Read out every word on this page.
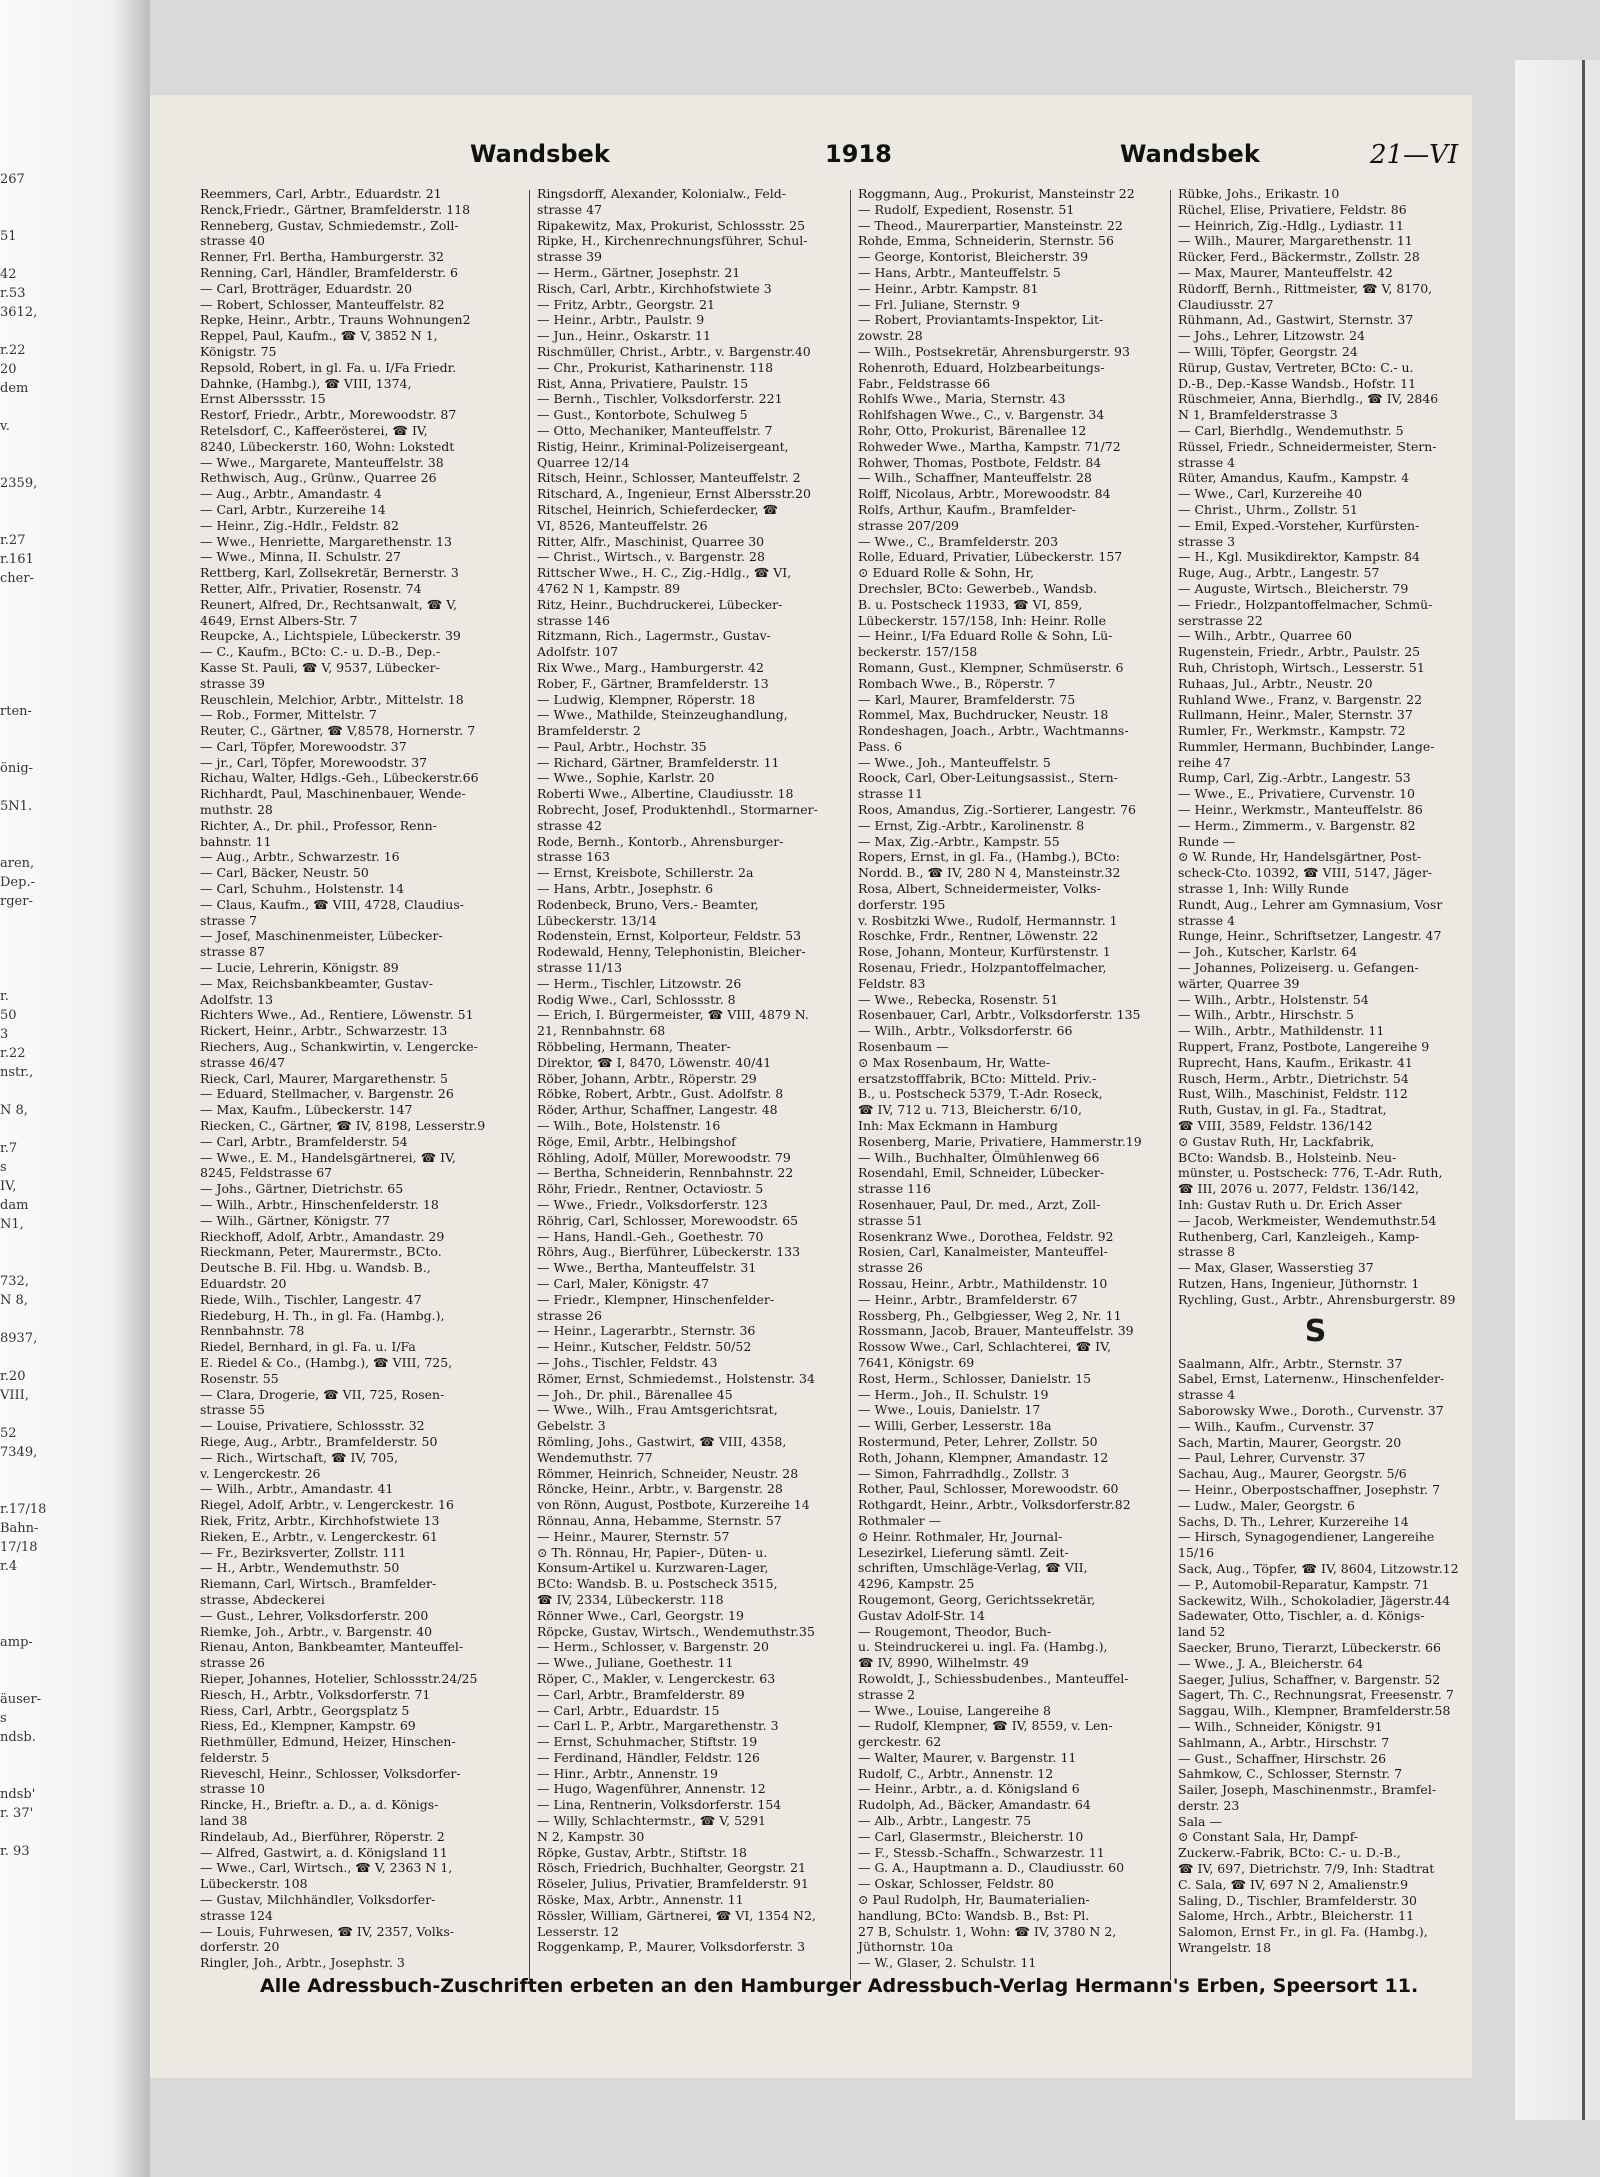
267
51
42
r.53
3612,
r.22
20
dem
v.
2359,
r.27
r.161
cher-
rten-
önig-
5N1.
aren,
Dep.-
rger-
r.
50
3
r.22
nstr.,
N 8,
r.7
s
IV,
dam
N1,
732,
N 8,
8937,
r.20
VIII,
52
7349,
r.17/18
Bahn-
17/18
r.4
amp-
äuser-
s
ndsb.
ndsb'
r. 37'
r. 93
Wandsbek	1918	Wandsbek	21—VI
Reemmers, Carl, Arbtr., Eduardstr. 21
Renck,Friedr., Gärtner, Bramfelderstr. 118
Renneberg, Gustav, Schmiedemstr., Zoll-
strasse 40
Renner, Frl. Bertha, Hamburgerstr. 32
Renning, Carl, Händler, Bramfelderstr. 6
— Carl, Brotträger, Eduardstr. 20
— Robert, Schlosser, Manteuffelstr. 82
Repke, Heinr., Arbtr., Trauns Wohnungen2
Reppel, Paul, Kaufm., ☎ V, 3852 N 1,
Königstr. 75
Repsold, Robert, in gl. Fa. u. I/Fa Friedr.
Dahnke, (Hambg.), ☎ VIII, 1374,
Ernst Alberssstr. 15
Restorf, Friedr., Arbtr., Morewoodstr. 87
Retelsdorf, C., Kaffeerösterei, ☎ IV,
8240, Lübeckerstr. 160, Wohn: Lokstedt
— Wwe., Margarete, Manteuffelstr. 38
Rethwisch, Aug., Grünw., Quarree 26
— Aug., Arbtr., Amandastr. 4
— Carl, Arbtr., Kurzereihe 14
— Heinr., Zig.-Hdlr., Feldstr. 82
— Wwe., Henriette, Margarethenstr. 13
— Wwe., Minna, II. Schulstr. 27
Rettberg, Karl, Zollsekretär, Bernerstr. 3
Retter, Alfr., Privatier, Rosenstr. 74
Reunert, Alfred, Dr., Rechtsanwalt, ☎ V,
4649, Ernst Albers-Str. 7
Reupcke, A., Lichtspiele, Lübeckerstr. 39
— C., Kaufm., BCto: C.- u. D.-B., Dep.-
Kasse St. Pauli, ☎ V, 9537, Lübecker-
strasse 39
Reuschlein, Melchior, Arbtr., Mittelstr. 18
— Rob., Former, Mittelstr. 7
Reuter, C., Gärtner, ☎ V,8578, Hornerstr. 7
— Carl, Töpfer, Morewoodstr. 37
— jr., Carl, Töpfer, Morewoodstr. 37
Richau, Walter, Hdlgs.-Geh., Lübeckerstr.66
Richhardt, Paul, Maschinenbauer, Wende-
muthstr. 28
Richter, A., Dr. phil., Professor, Renn-
bahnstr. 11
— Aug., Arbtr., Schwarzestr. 16
— Carl, Bäcker, Neustr. 50
— Carl, Schuhm., Holstenstr. 14
— Claus, Kaufm., ☎ VIII, 4728, Claudius-
strasse 7
— Josef, Maschinenmeister, Lübecker-
strasse 87
— Lucie, Lehrerin, Königstr. 89
— Max, Reichsbankbeamter, Gustav-
Adolfstr. 13
Richters Wwe., Ad., Rentiere, Löwenstr. 51
Rickert, Heinr., Arbtr., Schwarzestr. 13
Riechers, Aug., Schankwirtin, v. Lengercke-
strasse 46/47
Rieck, Carl, Maurer, Margarethenstr. 5
— Eduard, Stellmacher, v. Bargenstr. 26
— Max, Kaufm., Lübeckerstr. 147
Riecken, C., Gärtner, ☎ IV, 8198, Lesserstr.9
— Carl, Arbtr., Bramfelderstr. 54
— Wwe., E. M., Handelsgärtnerei, ☎ IV,
8245, Feldstrasse 67
— Johs., Gärtner, Dietrichstr. 65
— Wilh., Arbtr., Hinschenfelderstr. 18
— Wilh., Gärtner, Königstr. 77
Rieckhoff, Adolf, Arbtr., Amandastr. 29
Rieckmann, Peter, Maurermstr., BCto.
Deutsche B. Fil. Hbg. u. Wandsb. B.,
Eduardstr. 20
Riede, Wilh., Tischler, Langestr. 47
Riedeburg, H. Th., in gl. Fa. (Hambg.),
Rennbahnstr. 78
Riedel, Bernhard, in gl. Fa. u. I/Fa
E. Riedel & Co., (Hambg.), ☎ VIII, 725,
Rosenstr. 55
— Clara, Drogerie, ☎ VII, 725, Rosen-
strasse 55
— Louise, Privatiere, Schlossstr. 32
Riege, Aug., Arbtr., Bramfelderstr. 50
— Rich., Wirtschaft, ☎ IV, 705,
v. Lengerckestr. 26
— Wilh., Arbtr., Amandastr. 41
Riegel, Adolf, Arbtr., v. Lengerckestr. 16
Riek, Fritz, Arbtr., Kirchhofstwiete 13
Rieken, E., Arbtr., v. Lengerckestr. 61
— Fr., Bezirksverter, Zollstr. 111
— H., Arbtr., Wendemuthstr. 50
Riemann, Carl, Wirtsch., Bramfelder-
strasse, Abdeckerei
— Gust., Lehrer, Volksdorferstr. 200
Riemke, Joh., Arbtr., v. Bargenstr. 40
Rienau, Anton, Bankbeamter, Manteuffel-
strasse 26
Rieper, Johannes, Hotelier, Schlossstr.24/25
Riesch, H., Arbtr., Volksdorferstr. 71
Riess, Carl, Arbtr., Georgsplatz 5
Riess, Ed., Klempner, Kampstr. 69
Riethmüller, Edmund, Heizer, Hinschen-
felderstr. 5
Rieveschl, Heinr., Schlosser, Volksdorfer-
strasse 10
Rincke, H., Brieftr. a. D., a. d. Königs-
land 38
Rindelaub, Ad., Bierführer, Röperstr. 2
— Alfred, Gastwirt, a. d. Königsland 11
— Wwe., Carl, Wirtsch., ☎ V, 2363 N 1,
Lübeckerstr. 108
— Gustav, Milchhändler, Volksdorfer-
strasse 124
— Louis, Fuhrwesen, ☎ IV, 2357, Volks-
dorferstr. 20
Ringler, Joh., Arbtr., Josephstr. 3
Ringsdorff, Alexander, Kolonialw., Feld-
strasse 47
Ripakewitz, Max, Prokurist, Schlossstr. 25
Ripke, H., Kirchenrechnungsführer, Schul-
strasse 39
— Herm., Gärtner, Josephstr. 21
Risch, Carl, Arbtr., Kirchhofstwiete 3
— Fritz, Arbtr., Georgstr. 21
— Heinr., Arbtr., Paulstr. 9
— Jun., Heinr., Oskarstr. 11
Rischmüller, Christ., Arbtr., v. Bargenstr.40
— Chr., Prokurist, Katharinenstr. 118
Rist, Anna, Privatiere, Paulstr. 15
— Bernh., Tischler, Volksdorferstr. 221
— Gust., Kontorbote, Schulweg 5
— Otto, Mechaniker, Manteuffelstr. 7
Ristig, Heinr., Kriminal-Polizeisergeant,
Quarree 12/14
Ritsch, Heinr., Schlosser, Manteuffelstr. 2
Ritschard, A., Ingenieur, Ernst Albersstr.20
Ritschel, Heinrich, Schieferdecker, ☎
VI, 8526, Manteuffelstr. 26
Ritter, Alfr., Maschinist, Quarree 30
— Christ., Wirtsch., v. Bargenstr. 28
Rittscher Wwe., H. C., Zig.-Hdlg., ☎ VI,
4762 N 1, Kampstr. 89
Ritz, Heinr., Buchdruckerei, Lübecker-
strasse 146
Ritzmann, Rich., Lagermstr., Gustav-
Adolfstr. 107
Rix Wwe., Marg., Hamburgerstr. 42
Rober, F., Gärtner, Bramfelderstr. 13
— Ludwig, Klempner, Röperstr. 18
— Wwe., Mathilde, Steinzeughandlung,
Bramfelderstr. 2
— Paul, Arbtr., Hochstr. 35
— Richard, Gärtner, Bramfelderstr. 11
— Wwe., Sophie, Karlstr. 20
Roberti Wwe., Albertine, Claudiusstr. 18
Robrecht, Josef, Produktenhdl., Stormarner-
strasse 42
Rode, Bernh., Kontorb., Ahrensburger-
strasse 163
— Ernst, Kreisbote, Schillerstr. 2a
— Hans, Arbtr., Josephstr. 6
Rodenbeck, Bruno, Vers.- Beamter,
Lübeckerstr. 13/14
Rodenstein, Ernst, Kolporteur, Feldstr. 53
Rodewald, Henny, Telephonistin, Bleicher-
strasse 11/13
— Herm., Tischler, Litzowstr. 26
Rodig Wwe., Carl, Schlossstr. 8
— Erich, I. Bürgermeister, ☎ VIII, 4879 N.
21, Rennbahnstr. 68
Röbbeling, Hermann, Theater-
Direktor, ☎ I, 8470, Löwenstr. 40/41
Röber, Johann, Arbtr., Röperstr. 29
Röbke, Robert, Arbtr., Gust. Adolfstr. 8
Röder, Arthur, Schaffner, Langestr. 48
— Wilh., Bote, Holstenstr. 16
Röge, Emil, Arbtr., Helbingshof
Röhling, Adolf, Müller, Morewoodstr. 79
— Bertha, Schneiderin, Rennbahnstr. 22
Röhr, Friedr., Rentner, Octaviostr. 5
— Wwe., Friedr., Volksdorferstr. 123
Röhrig, Carl, Schlosser, Morewoodstr. 65
— Hans, Handl.-Geh., Goethestr. 70
Röhrs, Aug., Bierführer, Lübeckerstr. 133
— Wwe., Bertha, Manteuffelstr. 31
— Carl, Maler, Königstr. 47
— Friedr., Klempner, Hinschenfelder-
strasse 26
— Heinr., Lagerarbtr., Sternstr. 36
— Heinr., Kutscher, Feldstr. 50/52
— Johs., Tischler, Feldstr. 43
Römer, Ernst, Schmiedemst., Holstenstr. 34
— Joh., Dr. phil., Bärenallee 45
— Wwe., Wilh., Frau Amtsgerichtsrat,
Gebelstr. 3
Römling, Johs., Gastwirt, ☎ VIII, 4358,
Wendemuthstr. 77
Römmer, Heinrich, Schneider, Neustr. 28
Röncke, Heinr., Arbtr., v. Bargenstr. 28
von Rönn, August, Postbote, Kurzereihe 14
Rönnau, Anna, Hebamme, Sternstr. 57
— Heinr., Maurer, Sternstr. 57
⊙ Th. Rönnau, Hr, Papier-, Düten- u.
Konsum-Artikel u. Kurzwaren-Lager,
BCto: Wandsb. B. u. Postscheck 3515,
☎ IV, 2334, Lübeckerstr. 118
Rönner Wwe., Carl, Georgstr. 19
Röpcke, Gustav, Wirtsch., Wendemuthstr.35
— Herm., Schlosser, v. Bargenstr. 20
— Wwe., Juliane, Goethestr. 11
Röper, C., Makler, v. Lengerckestr. 63
— Carl, Arbtr., Bramfelderstr. 89
— Carl, Arbtr., Eduardstr. 15
— Carl L. P., Arbtr., Margarethenstr. 3
— Ernst, Schuhmacher, Stiftstr. 19
— Ferdinand, Händler, Feldstr. 126
— Hinr., Arbtr., Annenstr. 19
— Hugo, Wagenführer, Annenstr. 12
— Lina, Rentnerin, Volksdorferstr. 154
— Willy, Schlachtermstr., ☎ V, 5291
N 2, Kampstr. 30
Röpke, Gustav, Arbtr., Stiftstr. 18
Rösch, Friedrich, Buchhalter, Georgstr. 21
Röseler, Julius, Privatier, Bramfelderstr. 91
Röske, Max, Arbtr., Annenstr. 11
Rössler, William, Gärtnerei, ☎ VI, 1354 N2,
Lesserstr. 12
Roggenkamp, P., Maurer, Volksdorferstr. 3
Roggmann, Aug., Prokurist, Mansteinstr 22
— Rudolf, Expedient, Rosenstr. 51
— Theod., Maurerpartier, Mansteinstr. 22
Rohde, Emma, Schneiderin, Sternstr. 56
— George, Kontorist, Bleicherstr. 39
— Hans, Arbtr., Manteuffelstr. 5
— Heinr., Arbtr. Kampstr. 81
— Frl. Juliane, Sternstr. 9
— Robert, Proviantamts-Inspektor, Lit-
zowstr. 28
— Wilh., Postsekretär, Ahrensburgerstr. 93
Rohenroth, Eduard, Holzbearbeitungs-
Fabr., Feldstrasse 66
Rohlfs Wwe., Maria, Sternstr. 43
Rohlfshagen Wwe., C., v. Bargenstr. 34
Rohr, Otto, Prokurist, Bärenallee 12
Rohweder Wwe., Martha, Kampstr. 71/72
Rohwer, Thomas, Postbote, Feldstr. 84
— Wilh., Schaffner, Manteuffelstr. 28
Rolff, Nicolaus, Arbtr., Morewoodstr. 84
Rolfs, Arthur, Kaufm., Bramfelder-
strasse 207/209
— Wwe., C., Bramfelderstr. 203
Rolle, Eduard, Privatier, Lübeckerstr. 157
⊙ Eduard Rolle & Sohn, Hr,
Drechsler, BCto: Gewerbeb., Wandsb.
B. u. Postscheck 11933, ☎ VI, 859,
Lübeckerstr. 157/158, Inh: Heinr. Rolle
— Heinr., I/Fa Eduard Rolle & Sohn, Lü-
beckerstr. 157/158
Romann, Gust., Klempner, Schmüserstr. 6
Rombach Wwe., B., Röperstr. 7
— Karl, Maurer, Bramfelderstr. 75
Rommel, Max, Buchdrucker, Neustr. 18
Rondeshagen, Joach., Arbtr., Wachtmanns-
Pass. 6
— Wwe., Joh., Manteuffelstr. 5
Roock, Carl, Ober-Leitungsassist., Stern-
strasse 11
Roos, Amandus, Zig.-Sortierer, Langestr. 76
— Ernst, Zig.-Arbtr., Karolinenstr. 8
— Max, Zig.-Arbtr., Kampstr. 55
Ropers, Ernst, in gl. Fa., (Hambg.), BCto:
Nordd. B., ☎ IV, 280 N 4, Mansteinstr.32
Rosa, Albert, Schneidermeister, Volks-
dorferstr. 195
v. Rosbitzki Wwe., Rudolf, Hermannstr. 1
Roschke, Frdr., Rentner, Löwenstr. 22
Rose, Johann, Monteur, Kurfürstenstr. 1
Rosenau, Friedr., Holzpantoffelmacher,
Feldstr. 83
— Wwe., Rebecka, Rosenstr. 51
Rosenbauer, Carl, Arbtr., Volksdorferstr. 135
— Wilh., Arbtr., Volksdorferstr. 66
Rosenbaum —
⊙ Max Rosenbaum, Hr, Watte-
ersatzstofffabrik, BCto: Mitteld. Priv.-
B., u. Postscheck 5379, T.-Adr. Roseck,
☎ IV, 712 u. 713, Bleicherstr. 6/10,
Inh: Max Eckmann in Hamburg
Rosenberg, Marie, Privatiere, Hammerstr.19
— Wilh., Buchhalter, Ölmühlenweg 66
Rosendahl, Emil, Schneider, Lübecker-
strasse 116
Rosenhauer, Paul, Dr. med., Arzt, Zoll-
strasse 51
Rosenkranz Wwe., Dorothea, Feldstr. 92
Rosien, Carl, Kanalmeister, Manteuffel-
strasse 26
Rossau, Heinr., Arbtr., Mathildenstr. 10
— Heinr., Arbtr., Bramfelderstr. 67
Rossberg, Ph., Gelbgiesser, Weg 2, Nr. 11
Rossmann, Jacob, Brauer, Manteuffelstr. 39
Rossow Wwe., Carl, Schlachterei, ☎ IV,
7641, Königstr. 69
Rost, Herm., Schlosser, Danielstr. 15
— Herm., Joh., II. Schulstr. 19
— Wwe., Louis, Danielstr. 17
— Willi, Gerber, Lesserstr. 18a
Rostermund, Peter, Lehrer, Zollstr. 50
Roth, Johann, Klempner, Amandastr. 12
— Simon, Fahrradhdlg., Zollstr. 3
Rother, Paul, Schlosser, Morewoodstr. 60
Rothgardt, Heinr., Arbtr., Volksdorferstr.82
Rothmaler —
⊙ Heinr. Rothmaler, Hr, Journal-
Lesezirkel, Lieferung sämtl. Zeit-
schriften, Umschläge-Verlag, ☎ VII,
4296, Kampstr. 25
Rougemont, Georg, Gerichtssekretär,
Gustav Adolf-Str. 14
— Rougemont, Theodor, Buch-
u. Steindruckerei u. ingl. Fa. (Hambg.),
☎ IV, 8990, Wilhelmstr. 49
Rowoldt, J., Schiessbudenbes., Manteuffel-
strasse 2
— Wwe., Louise, Langereihe 8
— Rudolf, Klempner, ☎ IV, 8559, v. Len-
gerckestr. 62
— Walter, Maurer, v. Bargenstr. 11
Rudolf, C., Arbtr., Annenstr. 12
— Heinr., Arbtr., a. d. Königsland 6
Rudolph, Ad., Bäcker, Amandastr. 64
— Alb., Arbtr., Langestr. 75
— Carl, Glasermstr., Bleicherstr. 10
— F., Stessb.-Schaffn., Schwarzestr. 11
— G. A., Hauptmann a. D., Claudiusstr. 60
— Oskar, Schlosser, Feldstr. 80
⊙ Paul Rudolph, Hr, Baumaterialien-
handlung, BCto: Wandsb. B., Bst: Pl.
27 B, Schulstr. 1, Wohn: ☎ IV, 3780 N 2,
Jüthornstr. 10a
— W., Glaser, 2. Schulstr. 11
Rübke, Johs., Erikastr. 10
Rüchel, Elise, Privatiere, Feldstr. 86
— Heinrich, Zig.-Hdlg., Lydiastr. 11
— Wilh., Maurer, Margarethenstr. 11
Rücker, Ferd., Bäckermstr., Zollstr. 28
— Max, Maurer, Manteuffelstr. 42
Rüdorff, Bernh., Rittmeister, ☎ V, 8170,
Claudiusstr. 27
Rühmann, Ad., Gastwirt, Sternstr. 37
— Johs., Lehrer, Litzowstr. 24
— Willi, Töpfer, Georgstr. 24
Rürup, Gustav, Vertreter, BCto: C.- u.
D.-B., Dep.-Kasse Wandsb., Hofstr. 11
Rüschmeier, Anna, Bierhdlg., ☎ IV, 2846
N 1, Bramfelderstrasse 3
— Carl, Bierhdlg., Wendemuthstr. 5
Rüssel, Friedr., Schneidermeister, Stern-
strasse 4
Rüter, Amandus, Kaufm., Kampstr. 4
— Wwe., Carl, Kurzereihe 40
— Christ., Uhrm., Zollstr. 51
— Emil, Exped.-Vorsteher, Kurfürsten-
strasse 3
— H., Kgl. Musikdirektor, Kampstr. 84
Ruge, Aug., Arbtr., Langestr. 57
— Auguste, Wirtsch., Bleicherstr. 79
— Friedr., Holzpantoffelmacher, Schmü-
serstrasse 22
— Wilh., Arbtr., Quarree 60
Rugenstein, Friedr., Arbtr., Paulstr. 25
Ruh, Christoph, Wirtsch., Lesserstr. 51
Ruhaas, Jul., Arbtr., Neustr. 20
Ruhland Wwe., Franz, v. Bargenstr. 22
Rullmann, Heinr., Maler, Sternstr. 37
Rumler, Fr., Werkmstr., Kampstr. 72
Rummler, Hermann, Buchbinder, Lange-
reihe 47
Rump, Carl, Zig.-Arbtr., Langestr. 53
— Wwe., E., Privatiere, Curvenstr. 10
— Heinr., Werkmstr., Manteuffelstr. 86
— Herm., Zimmerm., v. Bargenstr. 82
Runde —
⊙ W. Runde, Hr, Handelsgärtner, Post-
scheck-Cto. 10392, ☎ VIII, 5147, Jäger-
strasse 1, Inh: Willy Runde
Rundt, Aug., Lehrer am Gymnasium, Vosr
strasse 4
Runge, Heinr., Schriftsetzer, Langestr. 47
— Joh., Kutscher, Karlstr. 64
— Johannes, Polizeiserg. u. Gefangen-
wärter, Quarree 39
— Wilh., Arbtr., Holstenstr. 54
— Wilh., Arbtr., Hirschstr. 5
— Wilh., Arbtr., Mathildenstr. 11
Ruppert, Franz, Postbote, Langereihe 9
Ruprecht, Hans, Kaufm., Erikastr. 41
Rusch, Herm., Arbtr., Dietrichstr. 54
Rust, Wilh., Maschinist, Feldstr. 112
Ruth, Gustav, in gl. Fa., Stadtrat,
☎ VIII, 3589, Feldstr. 136/142
⊙ Gustav Ruth, Hr, Lackfabrik,
BCto: Wandsb. B., Holsteinb. Neu-
münster, u. Postscheck: 776, T.-Adr. Ruth,
☎ III, 2076 u. 2077, Feldstr. 136/142,
Inh: Gustav Ruth u. Dr. Erich Asser
— Jacob, Werkmeister, Wendemuthstr.54
Ruthenberg, Carl, Kanzleigeh., Kamp-
strasse 8
— Max, Glaser, Wasserstieg 37
Rutzen, Hans, Ingenieur, Jüthornstr. 1
Rychling, Gust., Arbtr., Ahrensburgerstr. 89
S
Saalmann, Alfr., Arbtr., Sternstr. 37
Sabel, Ernst, Laternenw., Hinschenfelder-
strasse 4
Saborowsky Wwe., Doroth., Curvenstr. 37
— Wilh., Kaufm., Curvenstr. 37
Sach, Martin, Maurer, Georgstr. 20
— Paul, Lehrer, Curvenstr. 37
Sachau, Aug., Maurer, Georgstr. 5/6
— Heinr., Oberpostschaffner, Josephstr. 7
— Ludw., Maler, Georgstr. 6
Sachs, D. Th., Lehrer, Kurzereihe 14
— Hirsch, Synagogendiener, Langereihe
15/16
Sack, Aug., Töpfer, ☎ IV, 8604, Litzowstr.12
— P., Automobil-Reparatur, Kampstr. 71
Sackewitz, Wilh., Schokoladier, Jägerstr.44
Sadewater, Otto, Tischler, a. d. Königs-
land 52
Saecker, Bruno, Tierarzt, Lübeckerstr. 66
— Wwe., J. A., Bleicherstr. 64
Saeger, Julius, Schaffner, v. Bargenstr. 52
Sagert, Th. C., Rechnungsrat, Freesenstr. 7
Saggau, Wilh., Klempner, Bramfelderstr.58
— Wilh., Schneider, Königstr. 91
Sahlmann, A., Arbtr., Hirschstr. 7
— Gust., Schaffner, Hirschstr. 26
Sahmkow, C., Schlosser, Sternstr. 7
Sailer, Joseph, Maschinenmstr., Bramfel-
derstr. 23
Sala —
⊙ Constant Sala, Hr, Dampf-
Zuckerw.-Fabrik, BCto: C.- u. D.-B.,
☎ IV, 697, Dietrichstr. 7/9, Inh: Stadtrat
C. Sala, ☎ IV, 697 N 2, Amalienstr.9
Saling, D., Tischler, Bramfelderstr. 30
Salome, Hrch., Arbtr., Bleicherstr. 11
Salomon, Ernst Fr., in gl. Fa. (Hambg.),
Wrangelstr. 18
Alle Adressbuch-Zuschriften erbeten an den Hamburger Adressbuch-Verlag Hermann's Erben, Speersort 11.
